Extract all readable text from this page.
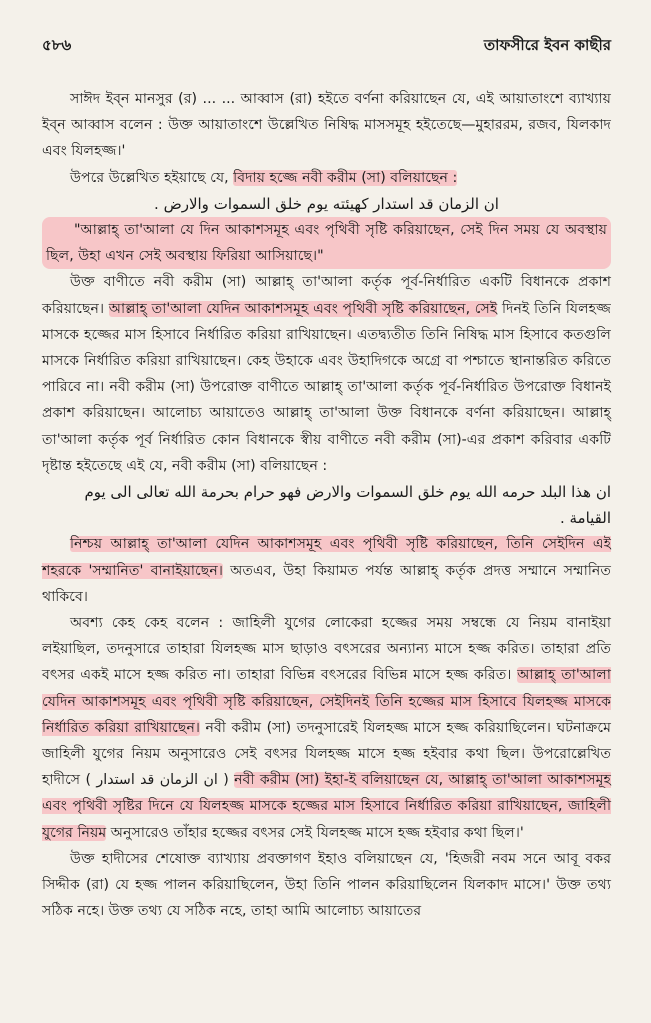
৫৮৬	তাফসীরে ইবন কাছীর

সাঈদ ইব্‌ন মানসুর (র) ... ... আব্বাস (রা) হইতে বর্ণনা করিয়াছেন যে, এই আয়াতাংশে ব্যাখ্যায় ইব্‌ন আব্বাস বলেন : উক্ত আয়াতাংশে উল্লেখিত নিষিদ্ধ মাসসমূহ হইতেছে—মুহাররম, রজব, যিলকাদ এবং যিলহজ্জ।'

উপরে উল্লেখিত হইয়াছে যে, বিদায় হজ্জে নবী করীম (সা) বলিয়াছেন :

ان الزمان قد استدار كهيئته يوم خلق السموات والارض .

"আল্লাহ্ তা'আলা যে দিন আকাশসমূহ এবং পৃথিবী সৃষ্টি করিয়াছেন, সেই দিন সময় যে অবস্থায় ছিল, উহা এখন সেই অবস্থায় ফিরিয়া আসিয়াছে।"

উক্ত বাণীতে নবী করীম (সা) আল্লাহ্ তা'আলা কর্তৃক পূর্ব-নির্ধারিত একটি বিধানকে প্রকাশ করিয়াছেন। আল্লাহ্ তা'আলা যেদিন আকাশসমূহ এবং পৃথিবী সৃষ্টি করিয়াছেন, সেই দিনই তিনি যিলহজ্জ মাসকে হজ্জের মাস হিসাবে নির্ধারিত করিয়া রাখিয়াছেন। এতদ্ব্যতীত তিনি নিষিদ্ধ মাস হিসাবে কতগুলি মাসকে নির্ধারিত করিয়া রাখিয়াছেন। কেহ উহাকে এবং উহাদিগকে অগ্রে বা পশ্চাতে স্থানান্তরিত করিতে পারিবে না। নবী করীম (সা) উপরোক্ত বাণীতে আল্লাহ্ তা'আলা কর্তৃক পূর্ব-নির্ধারিত উপরোক্ত বিধানই প্রকাশ করিয়াছেন। আলোচ্য আয়াতেও আল্লাহ্ তা'আলা উক্ত বিধানকে বর্ণনা করিয়াছেন। আল্লাহ্ তা'আলা কর্তৃক পূর্ব নির্ধারিত কোন বিধানকে স্বীয় বাণীতে নবী করীম (সা)-এর প্রকাশ করিবার একটি দৃষ্টান্ত হইতেছে এই যে, নবী করীম (সা) বলিয়াছেন :

ان هذا البلد حرمه الله يوم خلق السموات والارض فهو حرام بحرمة الله تعالى الى يوم

القيامة .

নিশ্চয় আল্লাহ্ তা'আলা যেদিন আকাশসমূহ এবং পৃথিবী সৃষ্টি করিয়াছেন, তিনি সেইদিন এই শহরকে 'সম্মানিত' বানাইয়াছেন। অতএব, উহা কিয়ামত পর্যন্ত আল্লাহ্ কর্তৃক প্রদত্ত সম্মানে সম্মানিত থাকিবে।

অবশ্য কেহ কেহ বলেন : জাহিলী যুগের লোকেরা হজ্জের সময় সম্বন্ধে যে নিয়ম বানাইয়া লইয়াছিল, তদনুসারে তাহারা যিলহজ্জ মাস ছাড়াও বৎসরের অন্যান্য মাসে হজ্জ করিত। তাহারা প্রতি বৎসর একই মাসে হজ্জ করিত না। তাহারা বিভিন্ন বৎসরের বিভিন্ন মাসে হজ্জ করিত। আল্লাহ্ তা'আলা যেদিন আকাশসমূহ এবং পৃথিবী সৃষ্টি করিয়াছেন, সেইদিনই তিনি হজ্জের মাস হিসাবে যিলহজ্জ মাসকে নির্ধারিত করিয়া রাখিয়াছেন। নবী করীম (সা) তদনুসারেই যিলহজ্জ মাসে হজ্জ করিয়াছিলেন। ঘটনাক্রমে জাহিলী যুগের নিয়ম অনুসারেও সেই বৎসর যিলহজ্জ মাসে হজ্জ হইবার কথা ছিল। উপরোল্লেখিত হাদীসে ( ان الزمان قد استدار ) নবী করীম (সা) ইহা-ই বলিয়াছেন যে, আল্লাহ্ তা'আলা আকাশসমূহ এবং পৃথিবী সৃষ্টির দিনে যে যিলহজ্জ মাসকে হজ্জের মাস হিসাবে নির্ধারিত করিয়া রাখিয়াছেন, জাহিলী যুগের নিয়ম অনুসারেও তাঁহার হজ্জের বৎসর সেই যিলহজ্জ মাসে হজ্জ হইবার কথা ছিল।'

উক্ত হাদীসের শেষোক্ত ব্যাখ্যায় প্রবক্তাগণ ইহাও বলিয়াছেন যে, 'হিজরী নবম সনে আবূ বকর সিদ্দীক (রা) যে হজ্জ পালন করিয়াছিলেন, উহা তিনি পালন করিয়াছিলেন যিলকাদ মাসে।' উক্ত তথ্য সঠিক নহে। উক্ত তথ্য যে সঠিক নহে, তাহা আমি আলোচ্য আয়াতের
